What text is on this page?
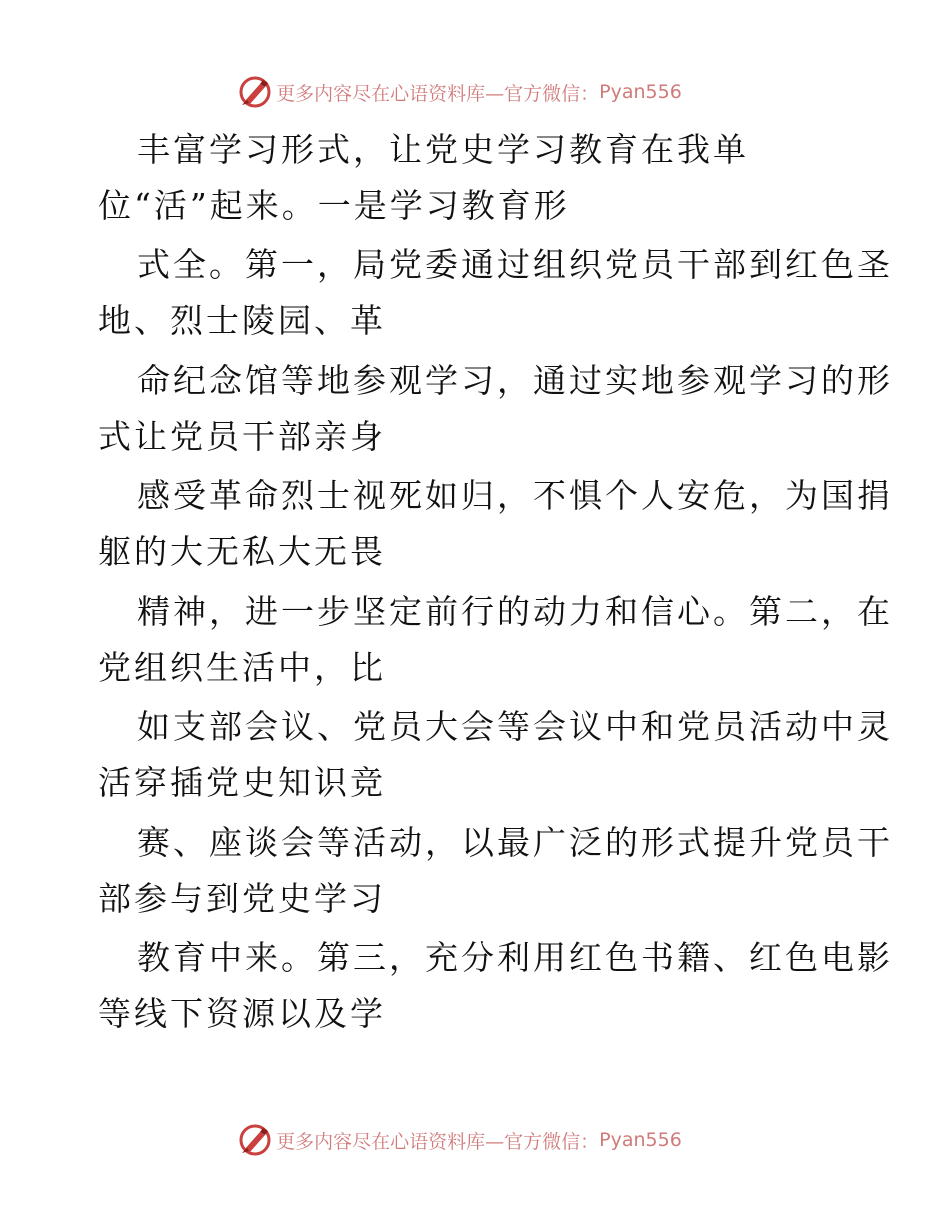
更多内容尽在心语资料库—官方微信： Pyan556
丰富学习形式，让党史学习教育在我单
位“活”起来。一是学习教育形
式全。第一，局党委通过组织党员干部到红色圣
地、烈士陵园、革
命纪念馆等地参观学习，通过实地参观学习的形
式让党员干部亲身
感受革命烈士视死如归，不惧个人安危，为国捐
躯的大无私大无畏
精神，进一步坚定前行的动力和信心。第二，在
党组织生活中，比
如支部会议、党员大会等会议中和党员活动中灵
活穿插党史知识竞
赛、座谈会等活动，以最广泛的形式提升党员干
部参与到党史学习
教育中来。第三，充分利用红色书籍、红色电影
等线下资源以及学
更多内容尽在心语资料库—官方微信： Pyan556
